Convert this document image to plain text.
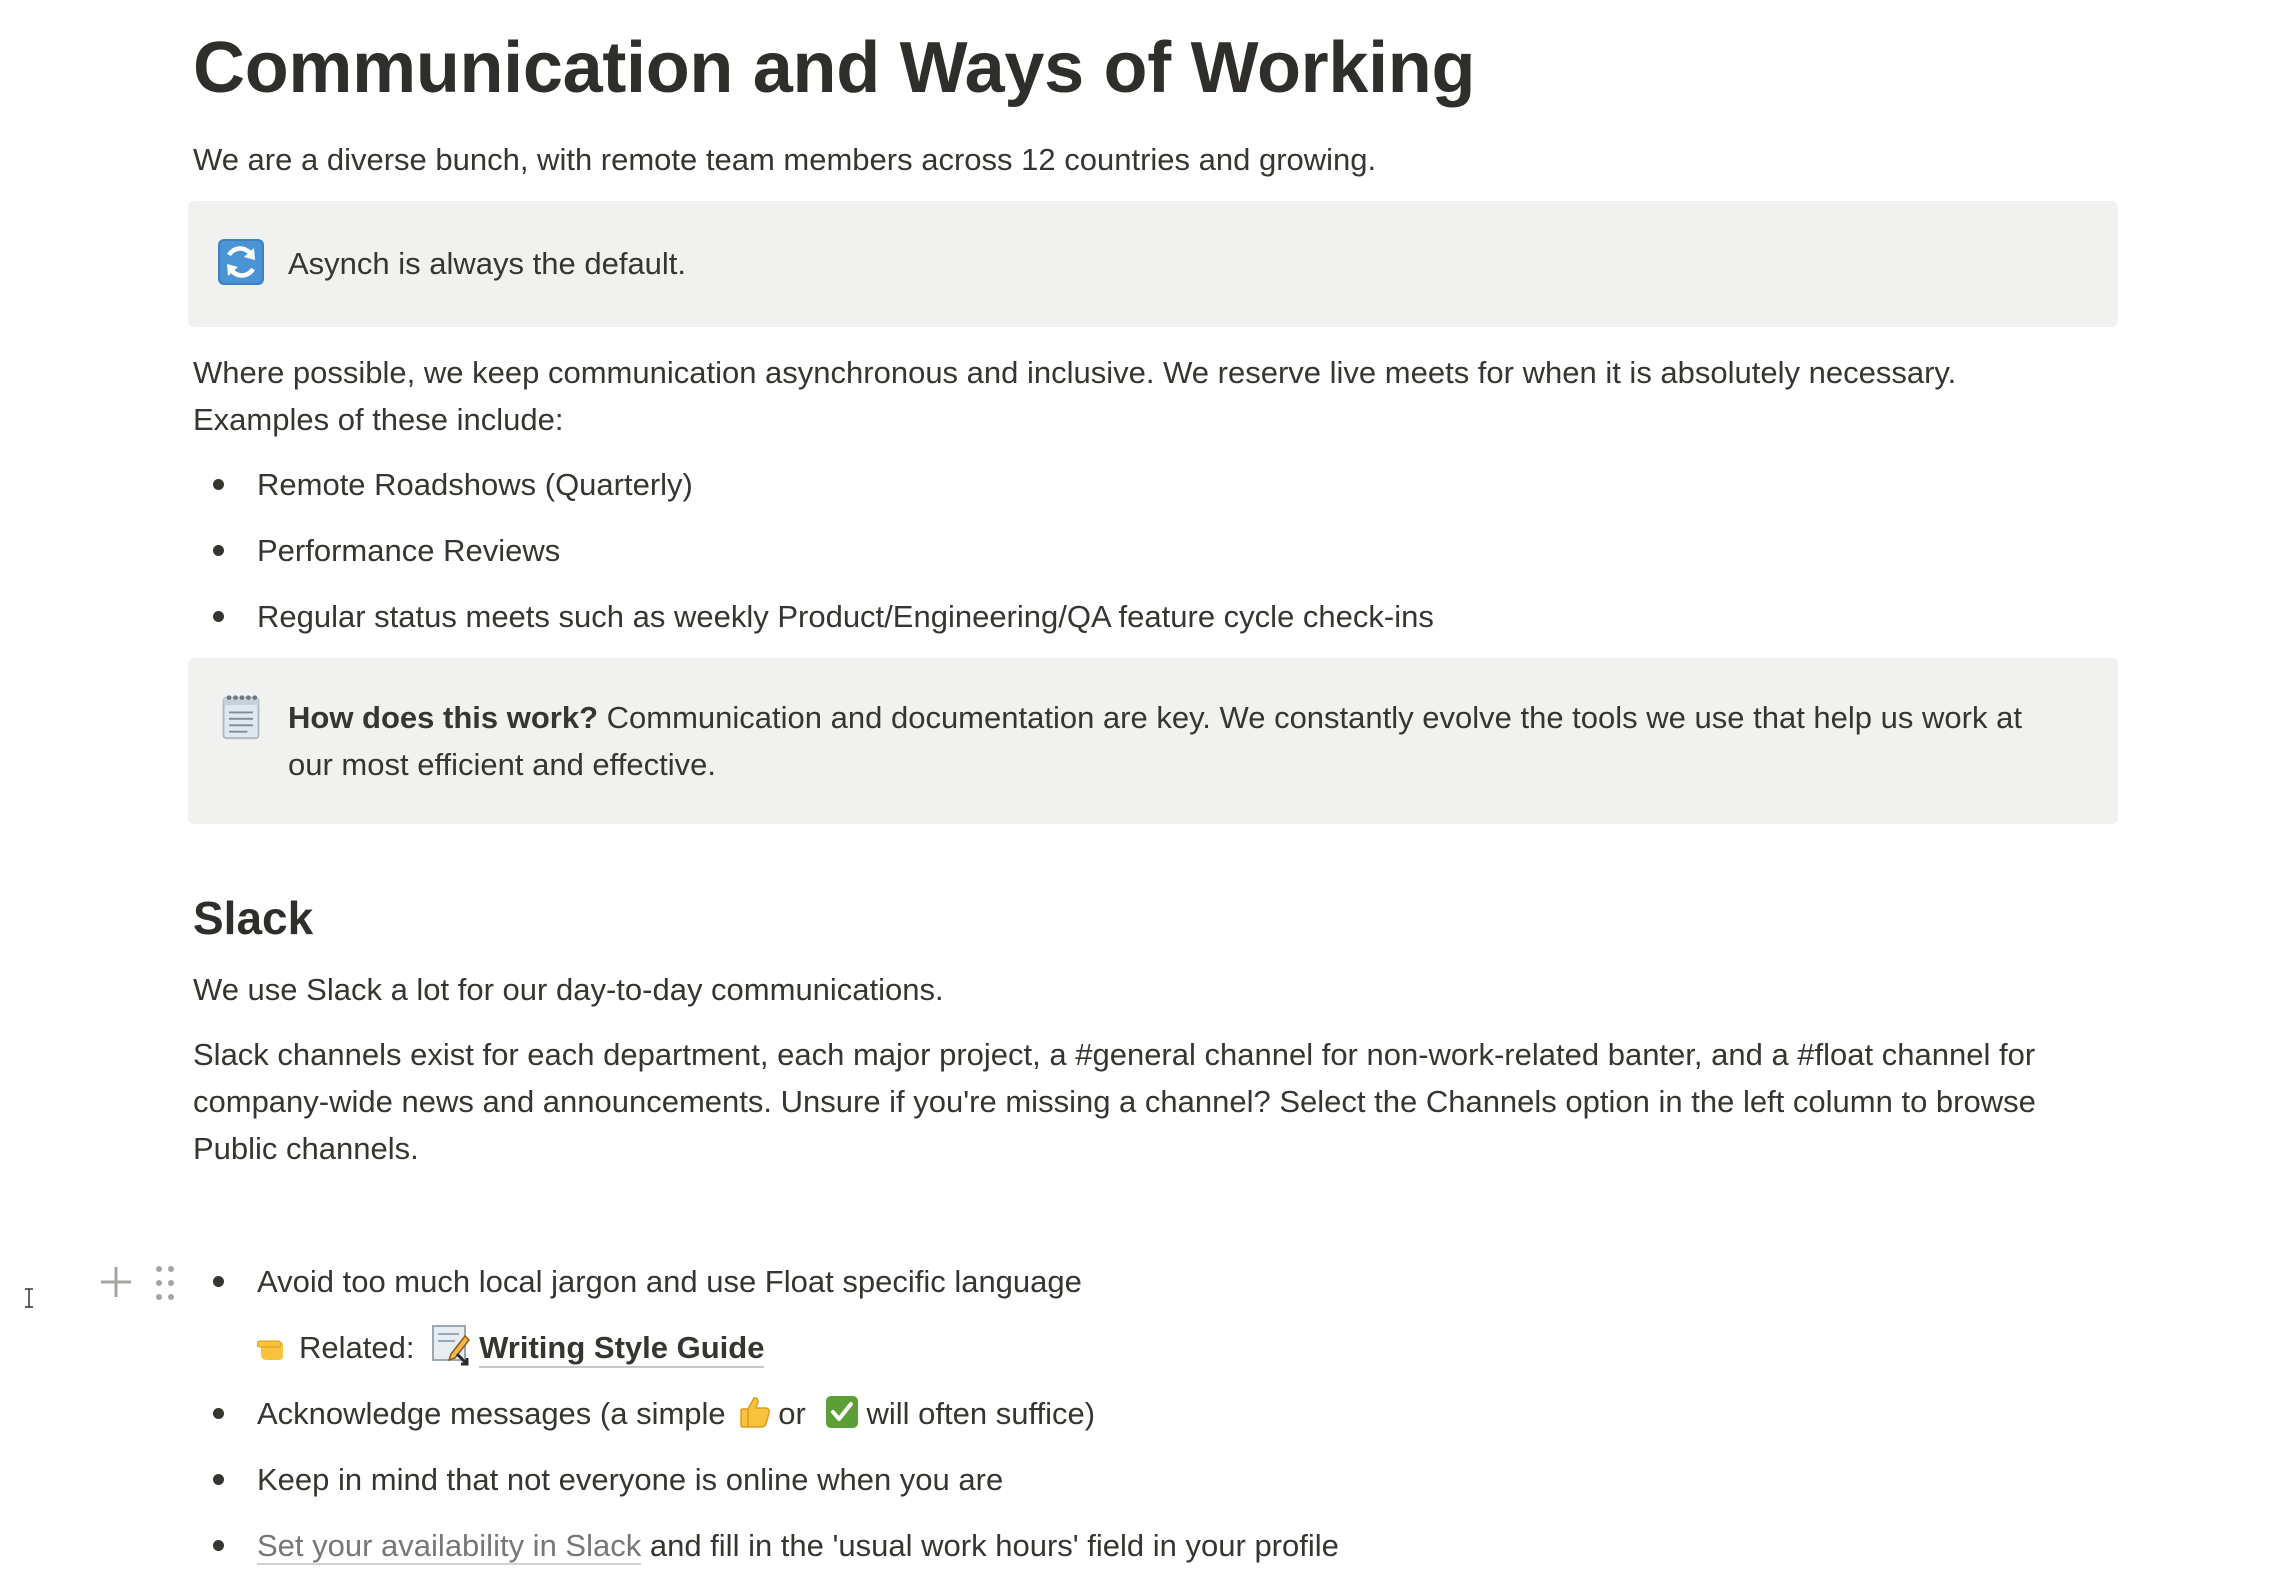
Communication and Ways of Working

We are a diverse bunch, with remote team members across 12 countries and growing.

Asynch is always the default.

Where possible, we keep communication asynchronous and inclusive. We reserve live meets for when it is absolutely necessary. Examples of these include:

Remote Roadshows (Quarterly)
Performance Reviews
Regular status meets such as weekly Product/Engineering/QA feature cycle check-ins
How does this work? Communication and documentation are key. We constantly evolve the tools we use that help us work at our most efficient and effective.
Slack

We use Slack a lot for our day-to-day communications.

Slack channels exist for each department, each major project, a #general channel for non-work-related banter, and a #float channel for company-wide news and announcements. Unsure if you're missing a channel? Select the Channels option in the left column to browse Public channels.

Avoid too much local jargon and use Float specific language
Related: Writing Style Guide
Acknowledge messages (a simple or will often suffice)
Keep in mind that not everyone is online when you are
Set your availability in Slack and fill in the 'usual work hours' field in your profile
